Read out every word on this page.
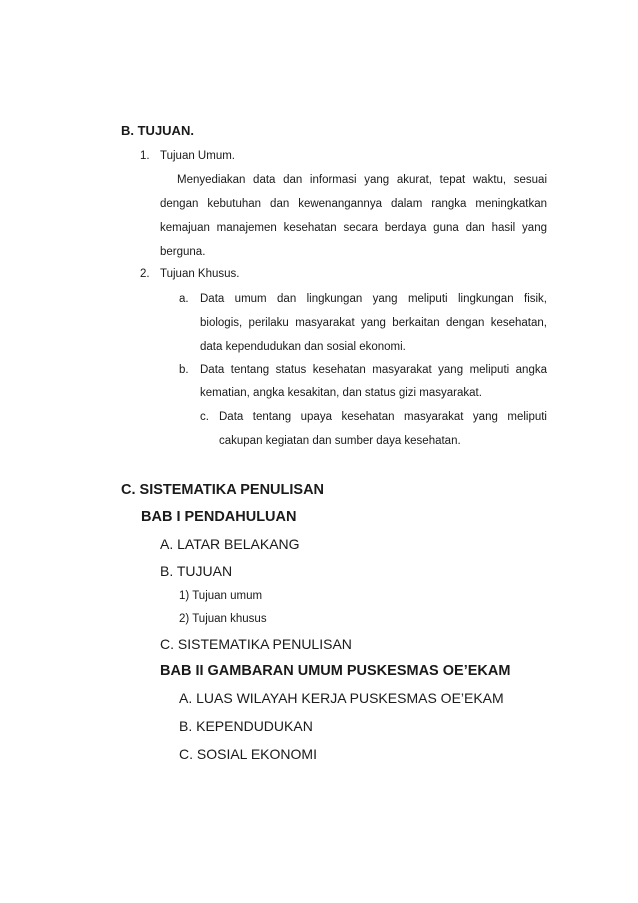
B. TUJUAN.
1. Tujuan Umum.
Menyediakan data dan informasi yang akurat, tepat waktu, sesuai
dengan kebutuhan dan kewenangannya dalam rangka meningkatkan
kemajuan manajemen kesehatan secara berdaya guna dan hasil yang
berguna.
2. Tujuan Khusus.
a. Data umum dan lingkungan yang meliputi lingkungan fisik,
biologis, perilaku masyarakat yang berkaitan dengan kesehatan,
data kependudukan dan sosial ekonomi.
b. Data tentang status kesehatan masyarakat yang meliputi angka
kematian, angka kesakitan, dan status gizi masyarakat.
c. Data tentang upaya kesehatan masyarakat yang meliputi
cakupan kegiatan dan sumber daya kesehatan.
C. SISTEMATIKA PENULISAN
BAB I PENDAHULUAN
A. LATAR BELAKANG
B. TUJUAN
1) Tujuan umum
2) Tujuan khusus
C. SISTEMATIKA PENULISAN
BAB II GAMBARAN UMUM PUSKESMAS OE’EKAM
A. LUAS WILAYAH KERJA PUSKESMAS OE’EKAM
B. KEPENDUDUKAN
C. SOSIAL EKONOMI
